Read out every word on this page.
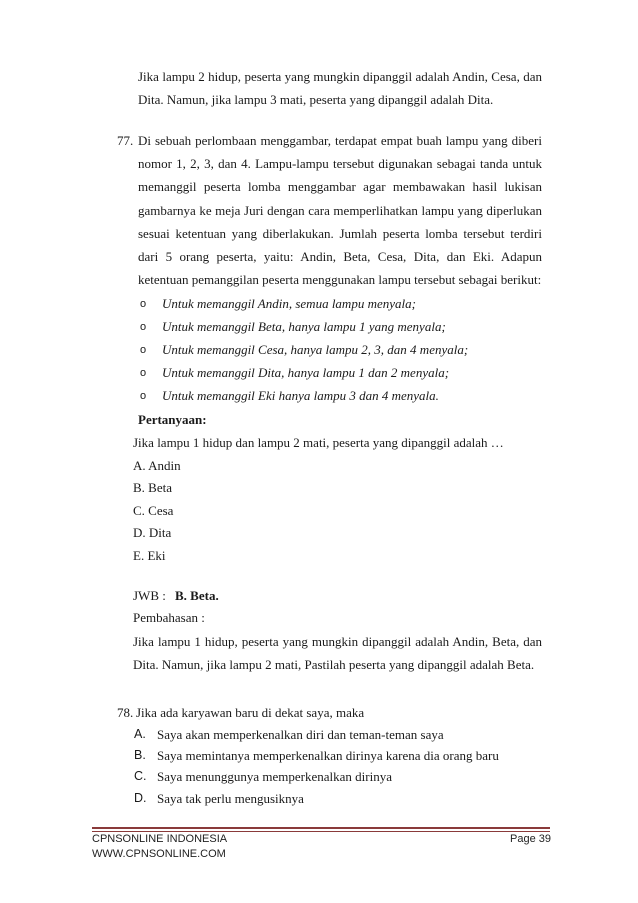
Jika lampu 2 hidup, peserta yang mungkin dipanggil adalah Andin, Cesa, dan
Dita. Namun, jika lampu 3 mati, peserta yang dipanggil adalah Dita.
77. Di sebuah perlombaan menggambar, terdapat empat buah lampu yang diberi
nomor 1, 2, 3, dan 4. Lampu-lampu tersebut digunakan sebagai tanda untuk
memanggil peserta lomba menggambar agar membawakan hasil lukisan
gambarnya ke meja Juri dengan cara memperlihatkan lampu yang diperlukan
sesuai ketentuan yang diberlakukan. Jumlah peserta lomba tersebut terdiri
dari 5 orang peserta, yaitu: Andin, Beta, Cesa, Dita, dan Eki. Adapun
ketentuan pemanggilan peserta menggunakan lampu tersebut sebagai berikut:
o Untuk memanggil Andin, semua lampu menyala;
o Untuk memanggil Beta, hanya lampu 1 yang menyala;
o Untuk memanggil Cesa, hanya lampu 2, 3, dan 4 menyala;
o Untuk memanggil Dita, hanya lampu 1 dan 2 menyala;
o Untuk memanggil Eki hanya lampu 3 dan 4 menyala.
Pertanyaan:
Jika lampu 1 hidup dan lampu 2 mati, peserta yang dipanggil adalah …
A. Andin
B. Beta
C. Cesa
D. Dita
E. Eki
JWB : B. Beta.
Pembahasan :
Jika lampu 1 hidup, peserta yang mungkin dipanggil adalah Andin, Beta, dan
Dita. Namun, jika lampu 2 mati, Pastilah peserta yang dipanggil adalah Beta.
78. Jika ada karyawan baru di dekat saya, maka
A. Saya akan memperkenalkan diri dan teman-teman saya
B. Saya memintanya memperkenalkan dirinya karena dia orang baru
C. Saya menunggunya memperkenalkan dirinya
D. Saya tak perlu mengusiknya
CPNSONLINE INDONESIA	Page 39
WWW.CPNSONLINE.COM
